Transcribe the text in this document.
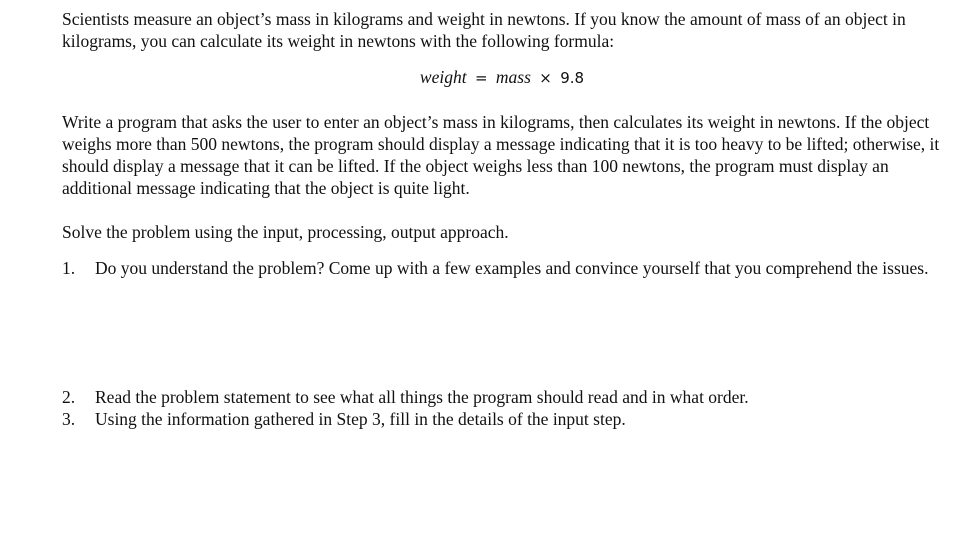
Scientists measure an object’s mass in kilograms and weight in newtons. If you know the amount of mass of an object in kilograms, you can calculate its weight in newtons with the following formula:

weight = mass × 9.8

Write a program that asks the user to enter an object’s mass in kilograms, then calculates its weight in newtons. If the object weighs more than 500 newtons, the program should display a message indicating that it is too heavy to be lifted; otherwise, it should display a message that it can be lifted. If the object weighs less than 100 newtons, the program must display an additional message indicating that the object is quite light.

Solve the problem using the input, processing, output approach.

1. Do you understand the problem? Come up with a few examples and convince yourself that you comprehend the issues.
2. Read the problem statement to see what all things the program should read and in what order.
3. Using the information gathered in Step 3, fill in the details of the input step.
